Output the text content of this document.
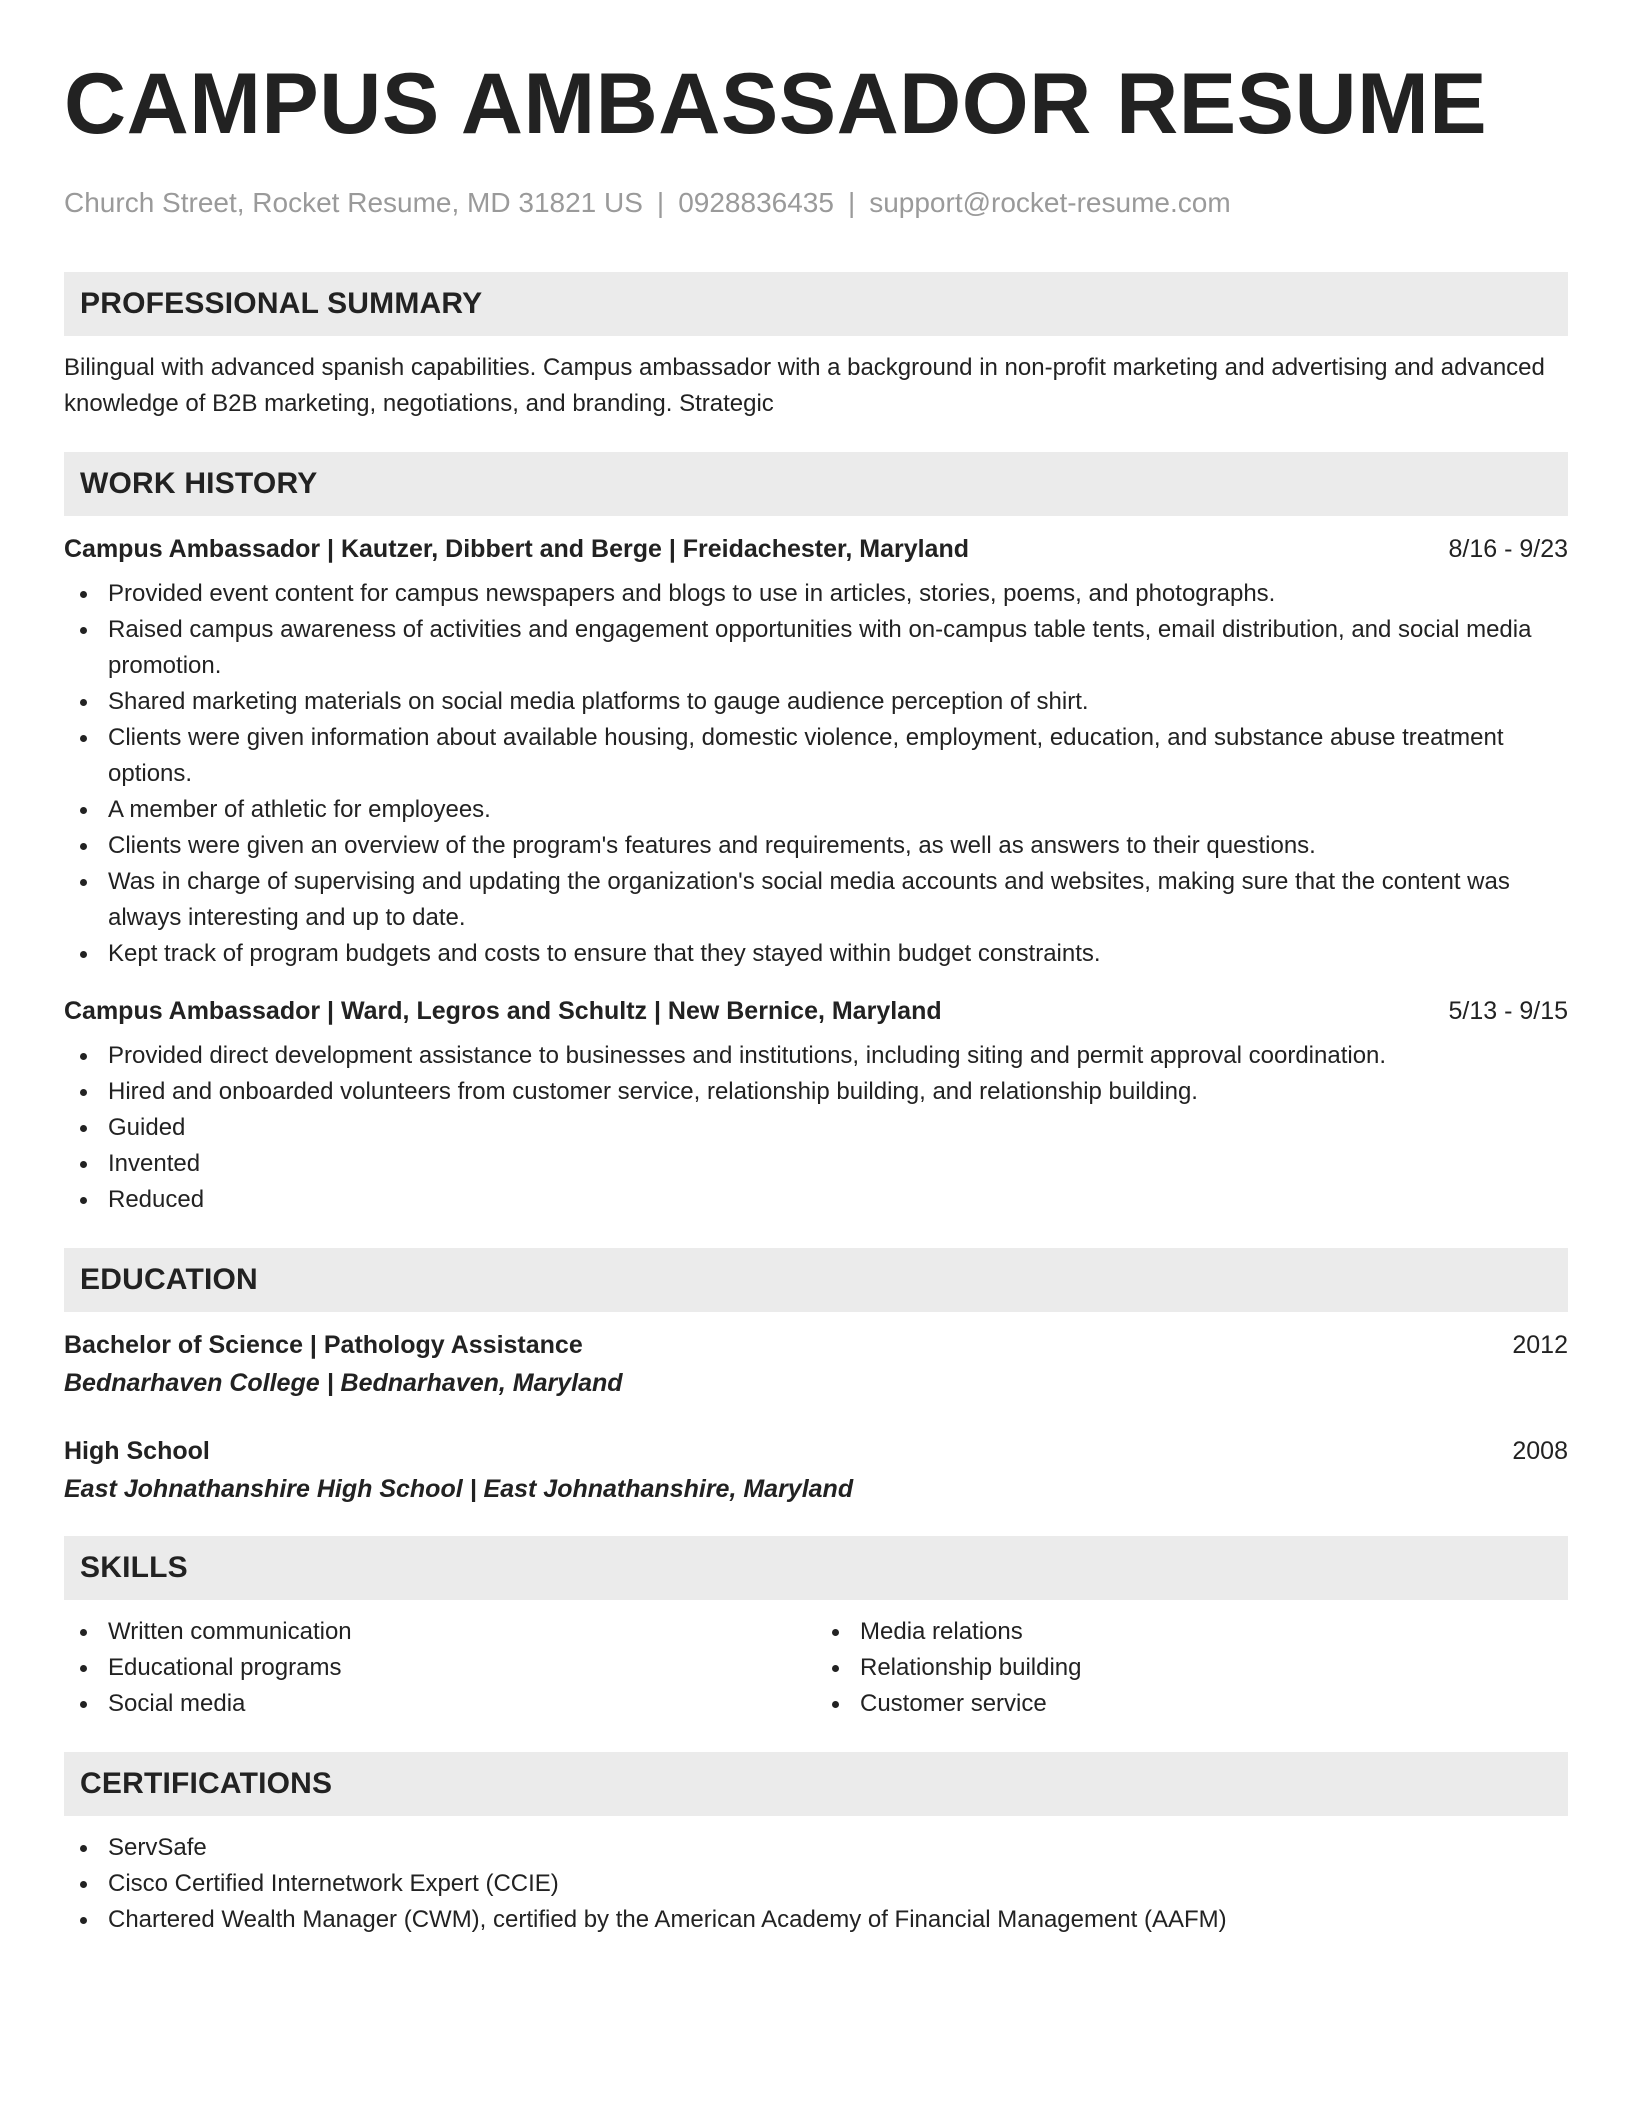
CAMPUS AMBASSADOR RESUME
Church Street, Rocket Resume, MD 31821 US | 0928836435 | support@rocket-resume.com
PROFESSIONAL SUMMARY

Bilingual with advanced spanish capabilities. Campus ambassador with a background in non-profit marketing and advertising and advanced knowledge of B2B marketing, negotiations, and branding. Strategic

WORK HISTORY
Campus Ambassador | Kautzer, Dibbert and Berge | Freidachester, Maryland	8/16 - 9/23
Provided event content for campus newspapers and blogs to use in articles, stories, poems, and photographs.
Raised campus awareness of activities and engagement opportunities with on-campus table tents, email distribution, and social media promotion.
Shared marketing materials on social media platforms to gauge audience perception of shirt.
Clients were given information about available housing, domestic violence, employment, education, and substance abuse treatment options.
A member of athletic for employees.
Clients were given an overview of the program's features and requirements, as well as answers to their questions.
Was in charge of supervising and updating the organization's social media accounts and websites, making sure that the content was always interesting and up to date.
Kept track of program budgets and costs to ensure that they stayed within budget constraints.
Campus Ambassador | Ward, Legros and Schultz | New Bernice, Maryland	5/13 - 9/15
Provided direct development assistance to businesses and institutions, including siting and permit approval coordination.
Hired and onboarded volunteers from customer service, relationship building, and relationship building.
Guided
Invented
Reduced
EDUCATION
Bachelor of Science | Pathology Assistance	2012
Bednarhaven College | Bednarhaven, Maryland
High School	2008
East Johnathanshire High School | East Johnathanshire, Maryland
SKILLS
Written communication
Educational programs
Social media
Media relations
Relationship building
Customer service
CERTIFICATIONS
ServSafe
Cisco Certified Internetwork Expert (CCIE)
Chartered Wealth Manager (CWM), certified by the American Academy of Financial Management (AAFM)
